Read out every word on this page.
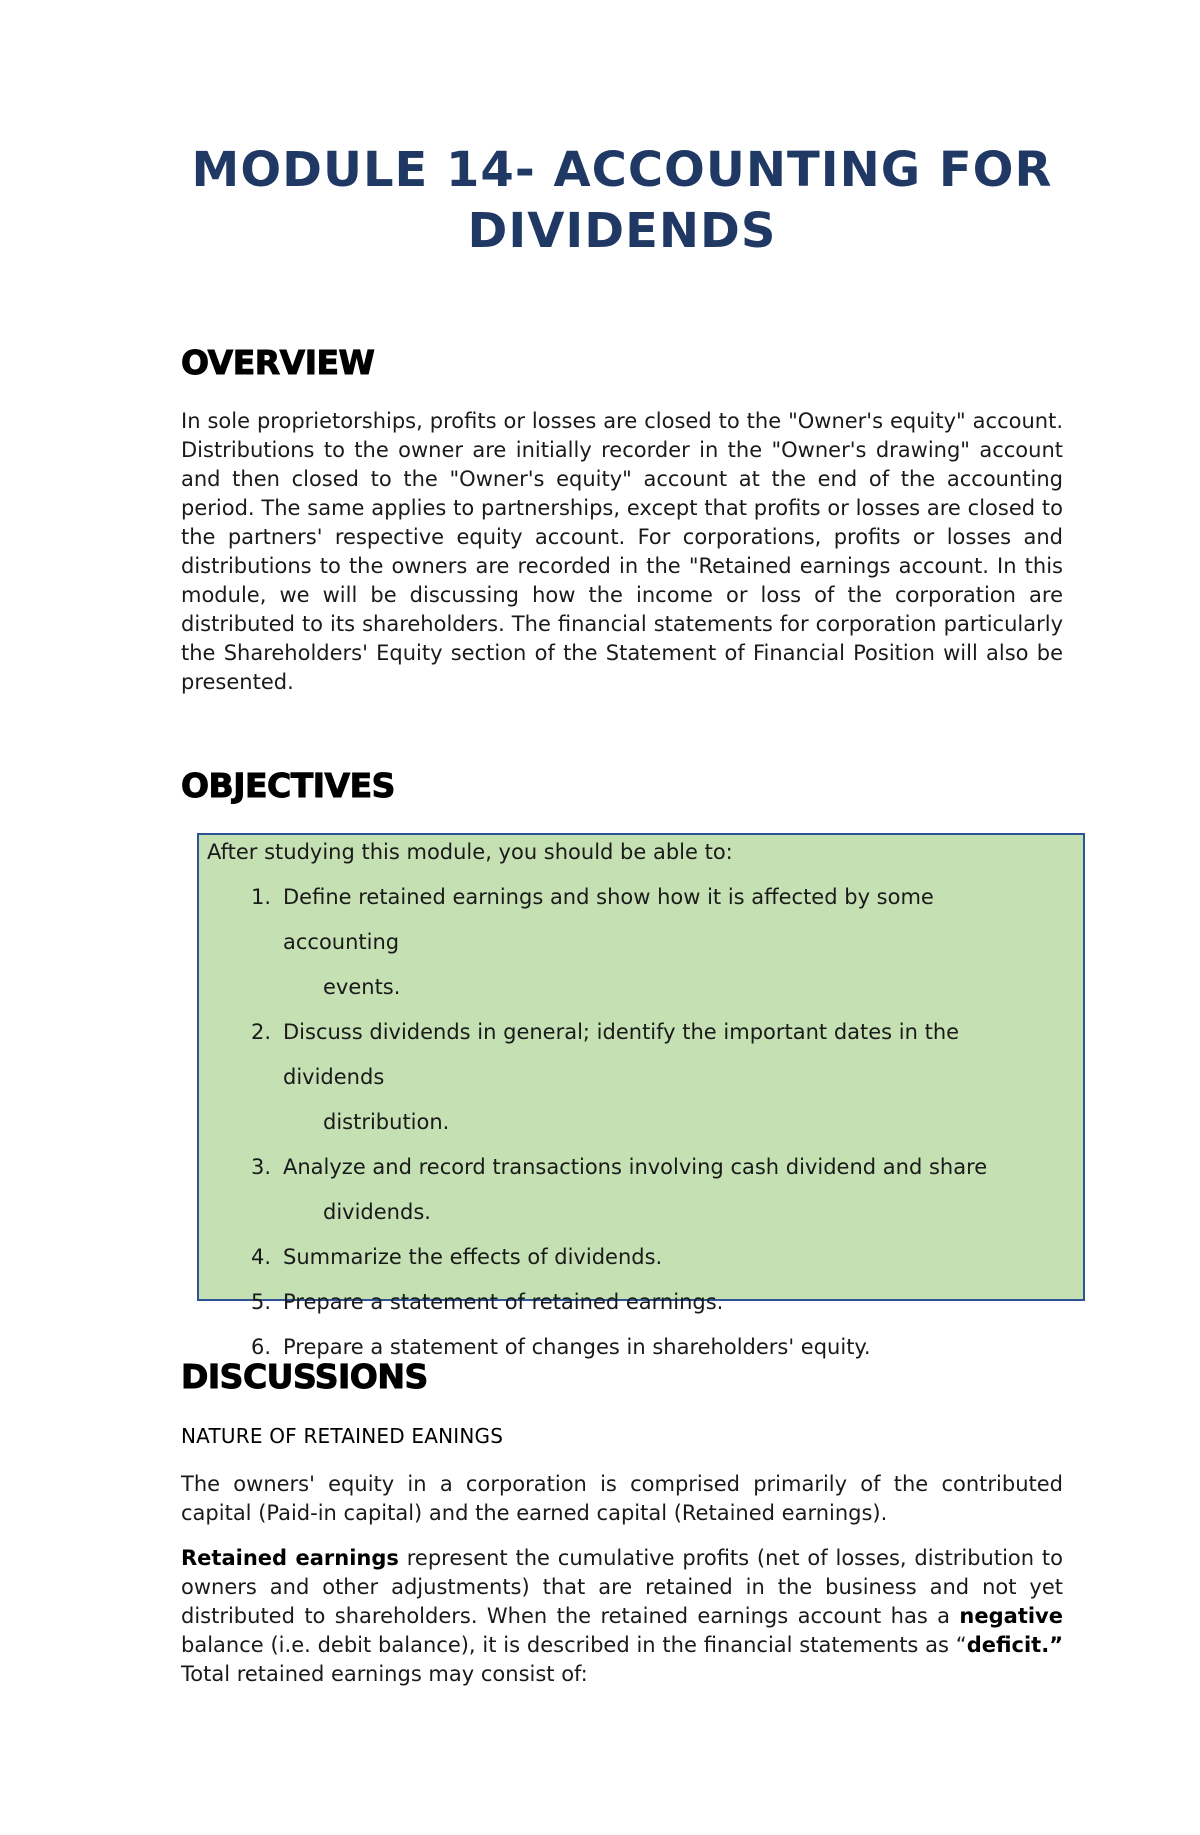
MODULE 14- ACCOUNTING FOR
DIVIDENDS
OVERVIEW
In sole proprietorships, profits or losses are closed to the "Owner's equity" account. Distributions to the owner are initially recorder in the "Owner's drawing" account and then closed to the "Owner's equity" account at the end of the accounting period. The same applies to partnerships, except that profits or losses are closed to the partners' respective equity account. For corporations, profits or losses and distributions to the owners are recorded in the "Retained earnings account. In this module, we will be discussing how the income or loss of the corporation are distributed to its shareholders. The financial statements for corporation particularly the Shareholders' Equity section of the Statement of Financial Position will also be presented.
OBJECTIVES
After studying this module, you should be able to:
1. Define retained earnings and show how it is affected by some accounting
events.
2. Discuss dividends in general; identify the important dates in the dividends
distribution.
3. Analyze and record transactions involving cash dividend and share
dividends.
4. Summarize the effects of dividends.
5. Prepare a statement of retained earnings.
6. Prepare a statement of changes in shareholders' equity.
DISCUSSIONS
NATURE OF RETAINED EANINGS
The owners' equity in a corporation is comprised primarily of the contributed capital (Paid-in capital) and the earned capital (Retained earnings).
Retained earnings represent the cumulative profits (net of losses, distribution to owners and other adjustments) that are retained in the business and not yet distributed to shareholders. When the retained earnings account has a negative balance (i.e. debit balance), it is described in the financial statements as “deficit.” Total retained earnings may consist of:
